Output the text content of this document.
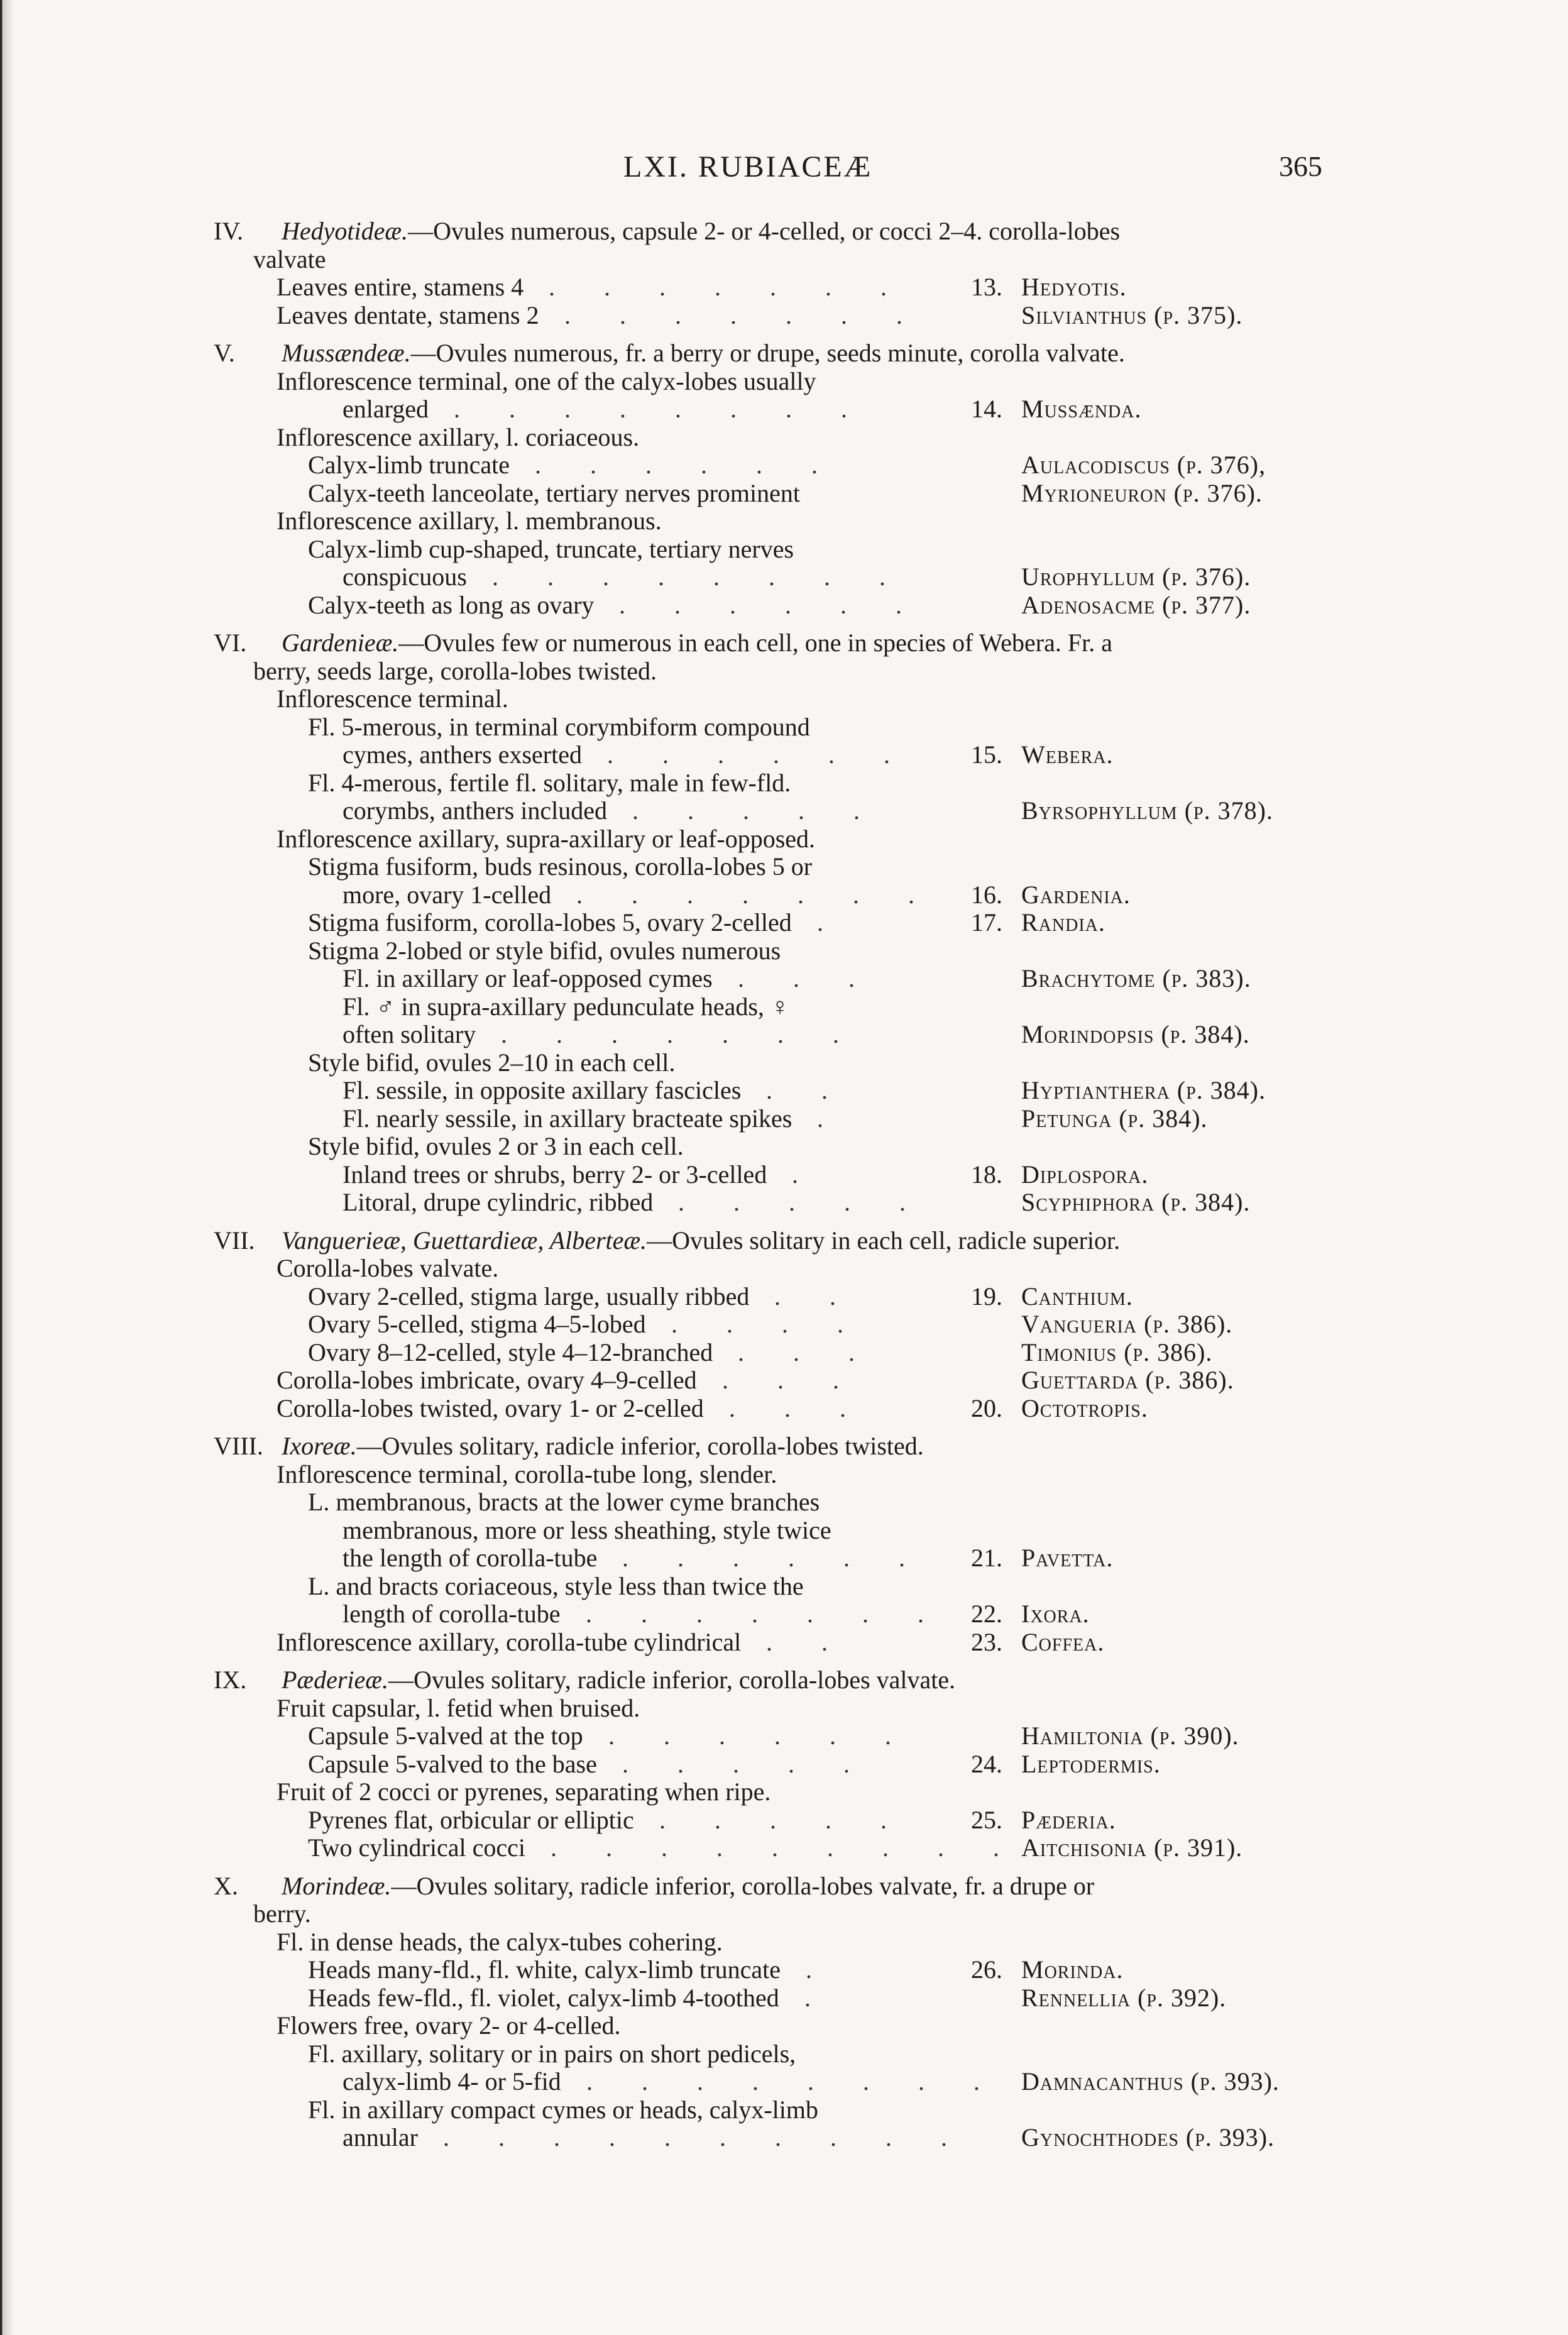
LXI. RUBIACEÆ	365
IV. Hedyotideæ.—Ovules numerous, capsule 2- or 4-celled, or cocci 2–4. corolla-lobes
valvate
Leaves entire, stamens 4 . . . . . . .	13. Hedyotis.
Leaves dentate, stamens 2 . . . . . . .	Silvianthus (p. 375).
V. Mussændeæ.—Ovules numerous, fr. a berry or drupe, seeds minute, corolla valvate.
Inflorescence terminal, one of the calyx-lobes usually
enlarged . . . . . . . .	14. Mussænda.
Inflorescence axillary, l. coriaceous.
Calyx-limb truncate . . . . . .	Aulacodiscus (p. 376),
Calyx-teeth lanceolate, tertiary nerves prominent	Myrioneuron (p. 376).
Inflorescence axillary, l. membranous.
Calyx-limb cup-shaped, truncate, tertiary nerves
conspicuous . . . . . . . .	Urophyllum (p. 376).
Calyx-teeth as long as ovary . . . . . .	Adenosacme (p. 377).
VI. Gardenieæ.—Ovules few or numerous in each cell, one in species of Webera. Fr. a
berry, seeds large, corolla-lobes twisted.
Inflorescence terminal.
Fl. 5-merous, in terminal corymbiform compound
cymes, anthers exserted . . . . . . 15. Webera.
Fl. 4-merous, fertile fl. solitary, male in few-fld.
corymbs, anthers included . . . . .	Byrsophyllum (p. 378).
Inflorescence axillary, supra-axillary or leaf-opposed.
Stigma fusiform, buds resinous, corolla-lobes 5 or
more, ovary 1-celled . . . . . . . 16. Gardenia.
Stigma fusiform, corolla-lobes 5, ovary 2-celled .	17. Randia.
Stigma 2-lobed or style bifid, ovules numerous
Fl. in axillary or leaf-opposed cymes . . .	Brachytome (p. 383).
Fl. ♂ in supra-axillary pedunculate heads, ♀
often solitary . . . . . . .	Morindopsis (p. 384).
Style bifid, ovules 2–10 in each cell.
Fl. sessile, in opposite axillary fascicles . .	Hyptianthera (p. 384).
Fl. nearly sessile, in axillary bracteate spikes .	Petunga (p. 384).
Style bifid, ovules 2 or 3 in each cell.
Inland trees or shrubs, berry 2- or 3-celled .	18. Diplospora.
Litoral, drupe cylindric, ribbed . . . . .	Scyphiphora (p. 384).
VII. Vanguerieæ, Guettardieæ, Alberteæ.—Ovules solitary in each cell, radicle superior.
Corolla-lobes valvate.
Ovary 2-celled, stigma large, usually ribbed . .	19. Canthium.
Ovary 5-celled, stigma 4–5-lobed . . . .	Vangueria (p. 386).
Ovary 8–12-celled, style 4–12-branched . . .	Timonius (p. 386).
Corolla-lobes imbricate, ovary 4–9-celled . . .	Guettarda (p. 386).
Corolla-lobes twisted, ovary 1- or 2-celled . . .	20. Octotropis.
VIII. Ixoreæ.—Ovules solitary, radicle inferior, corolla-lobes twisted.
Inflorescence terminal, corolla-tube long, slender.
L. membranous, bracts at the lower cyme branches
membranous, more or less sheathing, style twice
the length of corolla-tube . . . . . . 21. Pavetta.
L. and bracts coriaceous, style less than twice the
length of corolla-tube . . . . . . . 22. Ixora.
Inflorescence axillary, corolla-tube cylindrical . .	23. Coffea.
IX. Pæderieæ.—Ovules solitary, radicle inferior, corolla-lobes valvate.
Fruit capsular, l. fetid when bruised.
Capsule 5-valved at the top . . . . . .	Hamiltonia (p. 390).
Capsule 5-valved to the base . . . . .	24. Leptodermis.
Fruit of 2 cocci or pyrenes, separating when ripe.
Pyrenes flat, orbicular or elliptic . . . . .	25. Pæderia.
Two cylindrical cocci . . . . . . . . . Aitchisonia (p. 391).
X. Morindeæ.—Ovules solitary, radicle inferior, corolla-lobes valvate, fr. a drupe or
berry.
Fl. in dense heads, the calyx-tubes cohering.
Heads many-fld., fl. white, calyx-limb truncate .	26. Morinda.
Heads few-fld., fl. violet, calyx-limb 4-toothed .	Rennellia (p. 392).
Flowers free, ovary 2- or 4-celled.
Fl. axillary, solitary or in pairs on short pedicels,
calyx-limb 4- or 5-fid . . . . . . . . Damnacanthus (p. 393).
Fl. in axillary compact cymes or heads, calyx-limb
annular . . . . . . . . . . Gynochthodes (p. 393).
